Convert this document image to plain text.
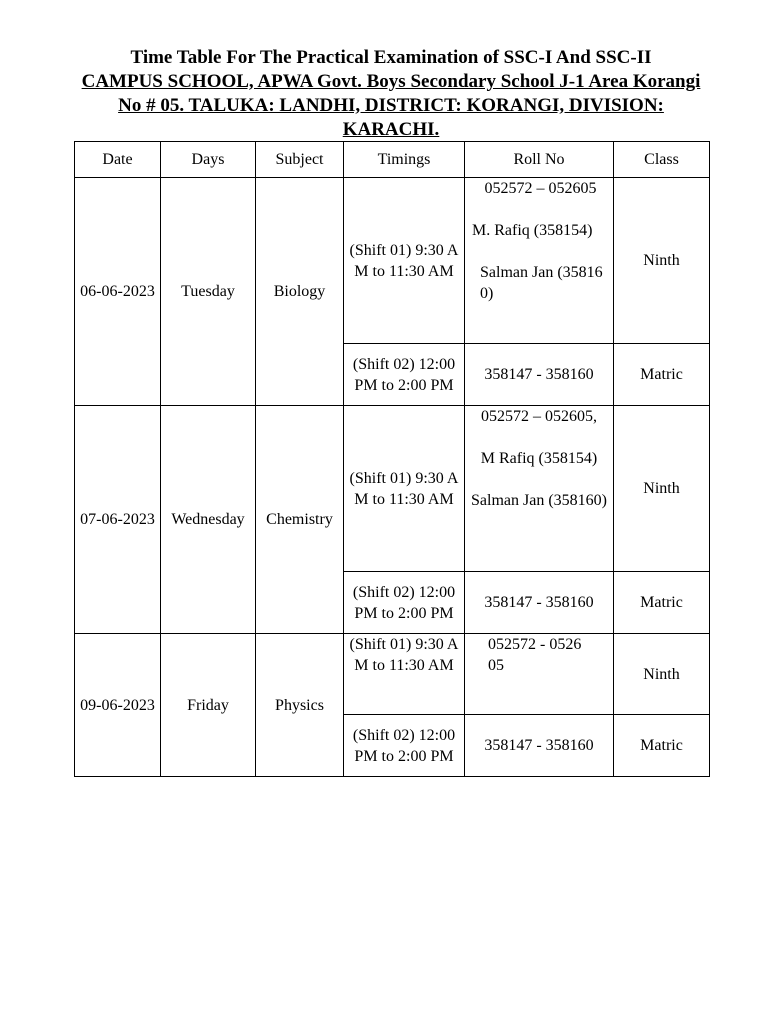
Time Table For The Practical Examination of SSC-I And SSC-II
CAMPUS SCHOOL, APWA Govt. Boys Secondary School J-1 Area Korangi No # 05. TALUKA: LANDHI, DISTRICT: KORANGI, DIVISION: KARACHI.
Date	Days	Subject	Timings	Roll No	Class
06-06-2023	Tuesday	Biology	(Shift 01) 9:30 AM to 11:30 AM	052572 – 052605
M. Rafiq (358154)
Salman Jan (358160)	Ninth
			(Shift 02) 12:00 PM to 2:00 PM	358147 - 358160	Matric
07-06-2023	Wednesday	Chemistry	(Shift 01) 9:30 AM to 11:30 AM	052572 – 052605,
M Rafiq (358154)
Salman Jan (358160)	Ninth
			(Shift 02) 12:00 PM to 2:00 PM	358147 - 358160	Matric
09-06-2023	Friday	Physics	(Shift 01) 9:30 AM to 11:30 AM	052572 - 052605	Ninth
			(Shift 02) 12:00 PM to 2:00 PM	358147 - 358160	Matric
